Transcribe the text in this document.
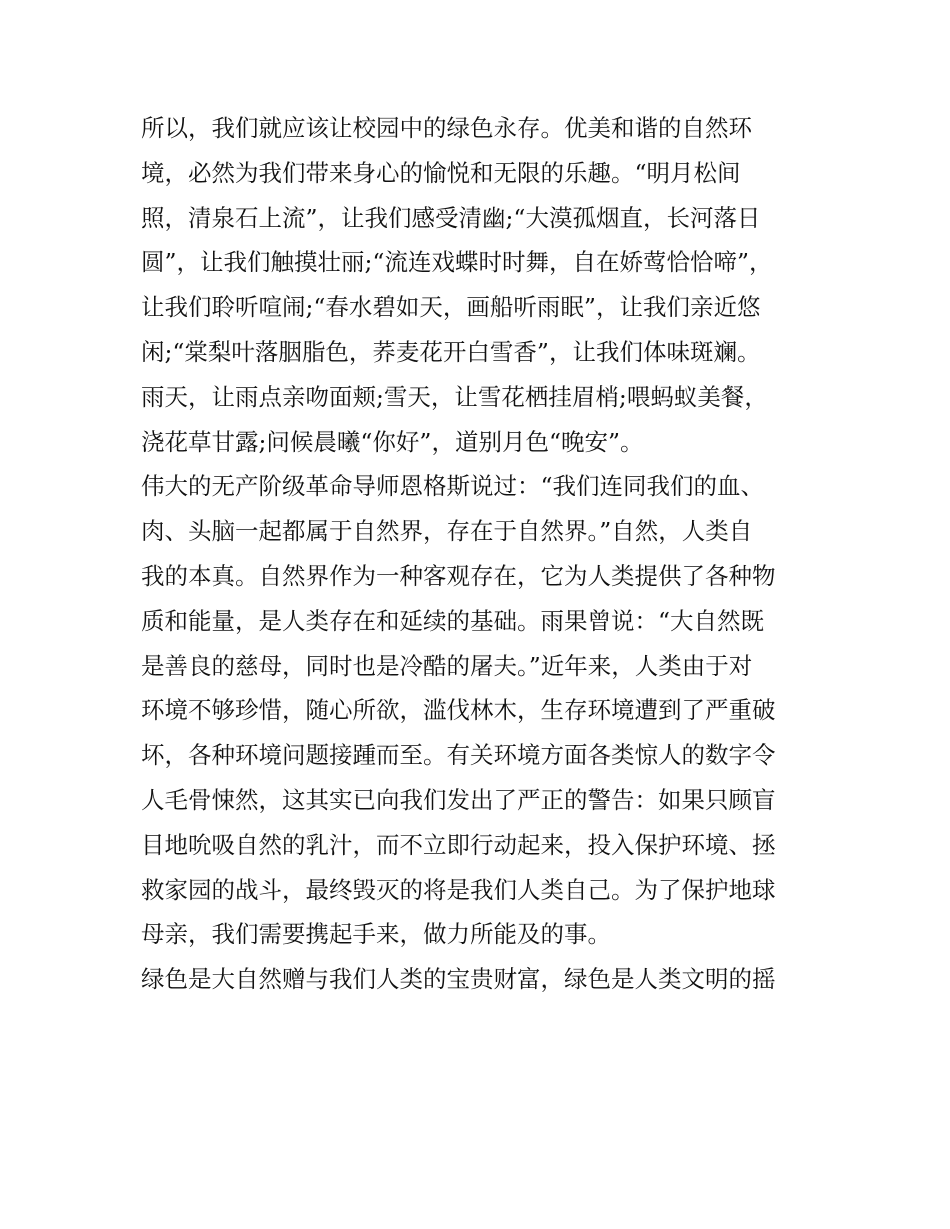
所以，我们就应该让校园中的绿色永存。优美和谐的自然环
境，必然为我们带来身心的愉悦和无限的乐趣。“明月松间
照，清泉石上流”，让我们感受清幽;“大漠孤烟直，长河落日
圆”，让我们触摸壮丽;“流连戏蝶时时舞，自在娇莺恰恰啼”，
让我们聆听喧闹;“春水碧如天，画船听雨眠”，让我们亲近悠
闲;“棠梨叶落胭脂色，荞麦花开白雪香”，让我们体味斑斓。
雨天，让雨点亲吻面颊;雪天，让雪花栖挂眉梢;喂蚂蚁美餐，
浇花草甘露;问候晨曦“你好”，道别月色“晚安”。
伟大的无产阶级革命导师恩格斯说过：“我们连同我们的血、
肉、头脑一起都属于自然界，存在于自然界。”自然，人类自
我的本真。自然界作为一种客观存在，它为人类提供了各种物
质和能量，是人类存在和延续的基础。雨果曾说：“大自然既
是善良的慈母，同时也是冷酷的屠夫。”近年来，人类由于对
环境不够珍惜，随心所欲，滥伐林木，生存环境遭到了严重破
坏，各种环境问题接踵而至。有关环境方面各类惊人的数字令
人毛骨悚然，这其实已向我们发出了严正的警告：如果只顾盲
目地吮吸自然的乳汁，而不立即行动起来，投入保护环境、拯
救家园的战斗，最终毁灭的将是我们人类自己。为了保护地球
母亲，我们需要携起手来，做力所能及的事。
绿色是大自然赠与我们人类的宝贵财富，绿色是人类文明的摇
